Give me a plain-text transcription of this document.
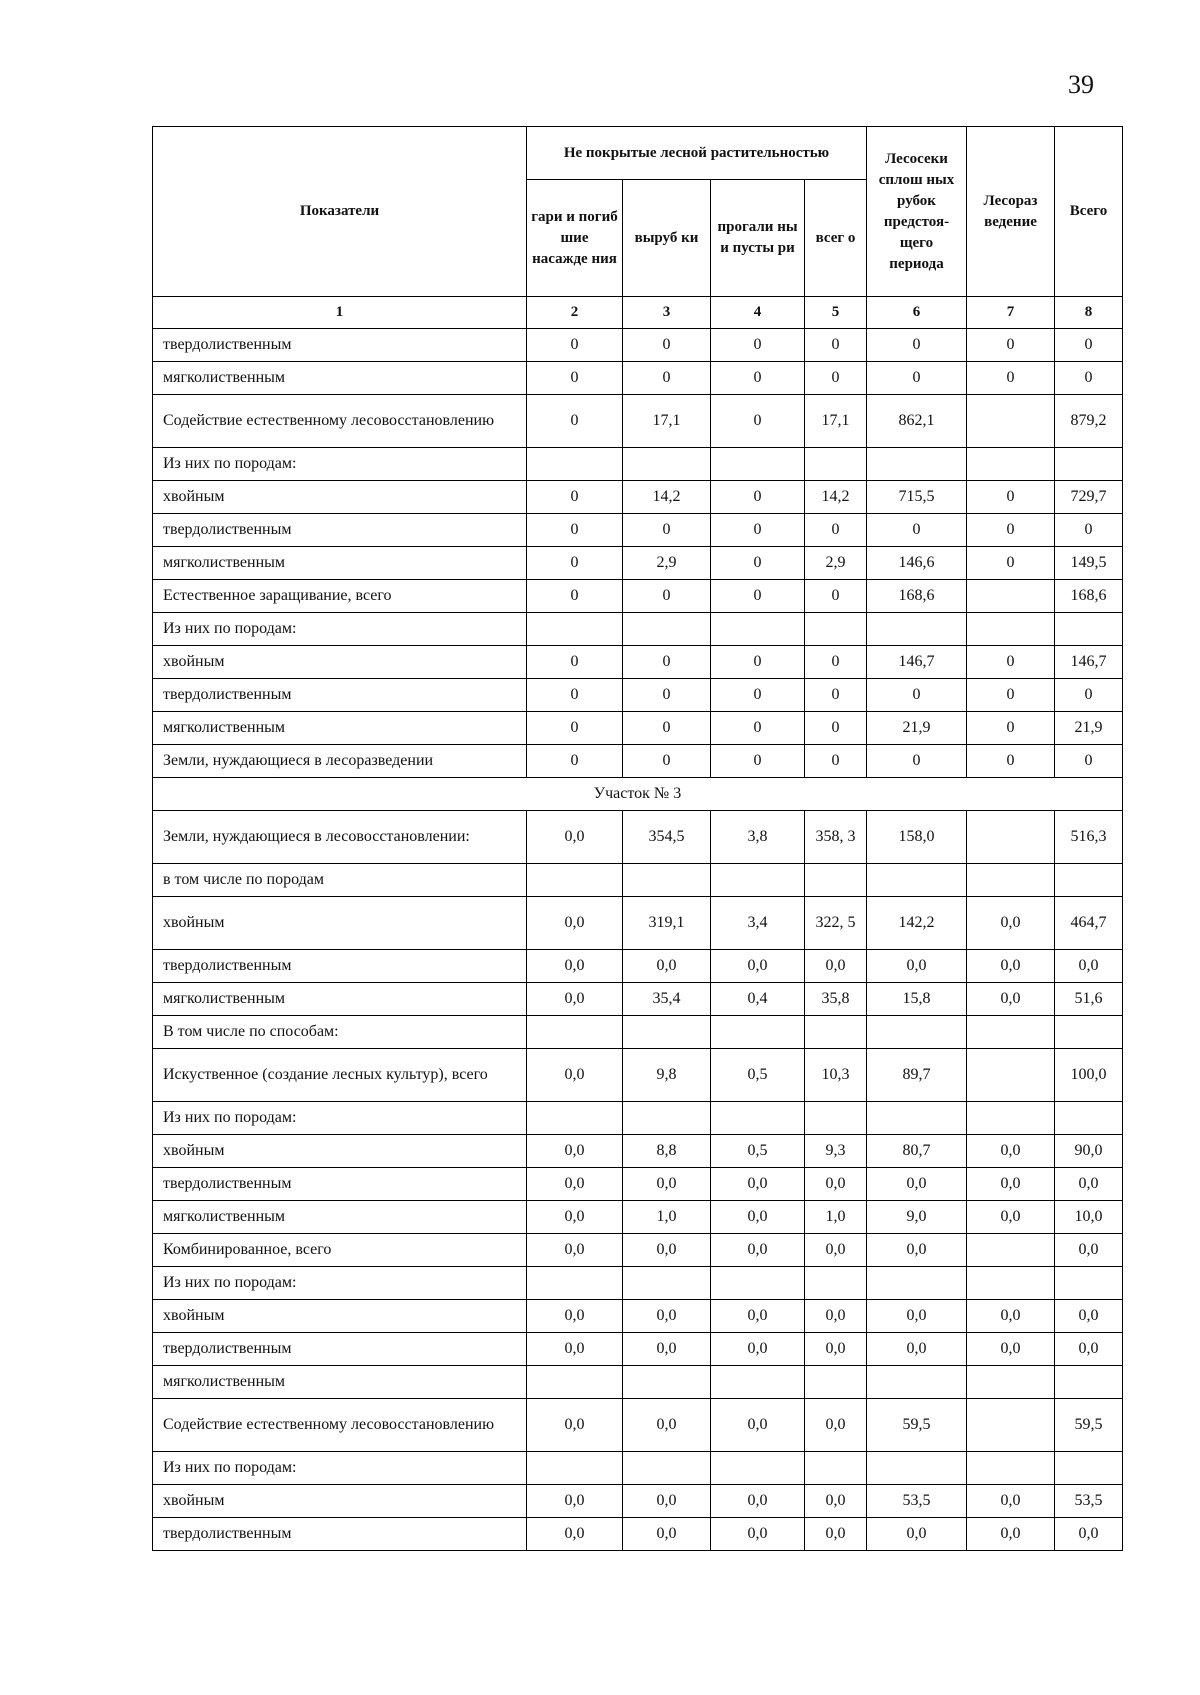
39
Показатели	Не покрытые лесной растительностью				Лесосеки сплош ных рубок предстоя-щего периода	Лесораз ведение	Всего
	гари и погиб шие насажде ния	выруб ки	прогали ны и пусты ри	всег о			
1	2	3	4	5	6	7	8
твердолиственным	0	0	0	0	0	0	0
мягколиственным	0	0	0	0	0	0	0
Содействие естественному лесовосстановлению	0	17,1	0	17,1	862,1		879,2
Из них по породам:							
хвойным	0	14,2	0	14,2	715,5	0	729,7
твердолиственным	0	0	0	0	0	0	0
мягколиственным	0	2,9	0	2,9	146,6	0	149,5
Естественное заращивание, всего	0	0	0	0	168,6		168,6
Из них по породам:							
хвойным	0	0	0	0	146,7	0	146,7
твердолиственным	0	0	0	0	0	0	0
мягколиственным	0	0	0	0	21,9	0	21,9
Земли, нуждающиеся в лесоразведении	0	0	0	0	0	0	0
Участок № 3							
Земли, нуждающиеся в лесовосстановлении:	0,0	354,5	3,8	358, 3	158,0		516,3
в том числе по породам							
хвойным	0,0	319,1	3,4	322, 5	142,2	0,0	464,7
твердолиственным	0,0	0,0	0,0	0,0	0,0	0,0	0,0
мягколиственным	0,0	35,4	0,4	35,8	15,8	0,0	51,6
В том числе по способам:							
Искуственное (создание лесных культур), всего	0,0	9,8	0,5	10,3	89,7		100,0
Из них по породам:							
хвойным	0,0	8,8	0,5	9,3	80,7	0,0	90,0
твердолиственным	0,0	0,0	0,0	0,0	0,0	0,0	0,0
мягколиственным	0,0	1,0	0,0	1,0	9,0	0,0	10,0
Комбинированное, всего	0,0	0,0	0,0	0,0	0,0		0,0
Из них по породам:							
хвойным	0,0	0,0	0,0	0,0	0,0	0,0	0,0
твердолиственным	0,0	0,0	0,0	0,0	0,0	0,0	0,0
мягколиственным							
Содействие естественному лесовосстановлению	0,0	0,0	0,0	0,0	59,5		59,5
Из них по породам:							
хвойным	0,0	0,0	0,0	0,0	53,5	0,0	53,5
твердолиственным	0,0	0,0	0,0	0,0	0,0	0,0	0,0
